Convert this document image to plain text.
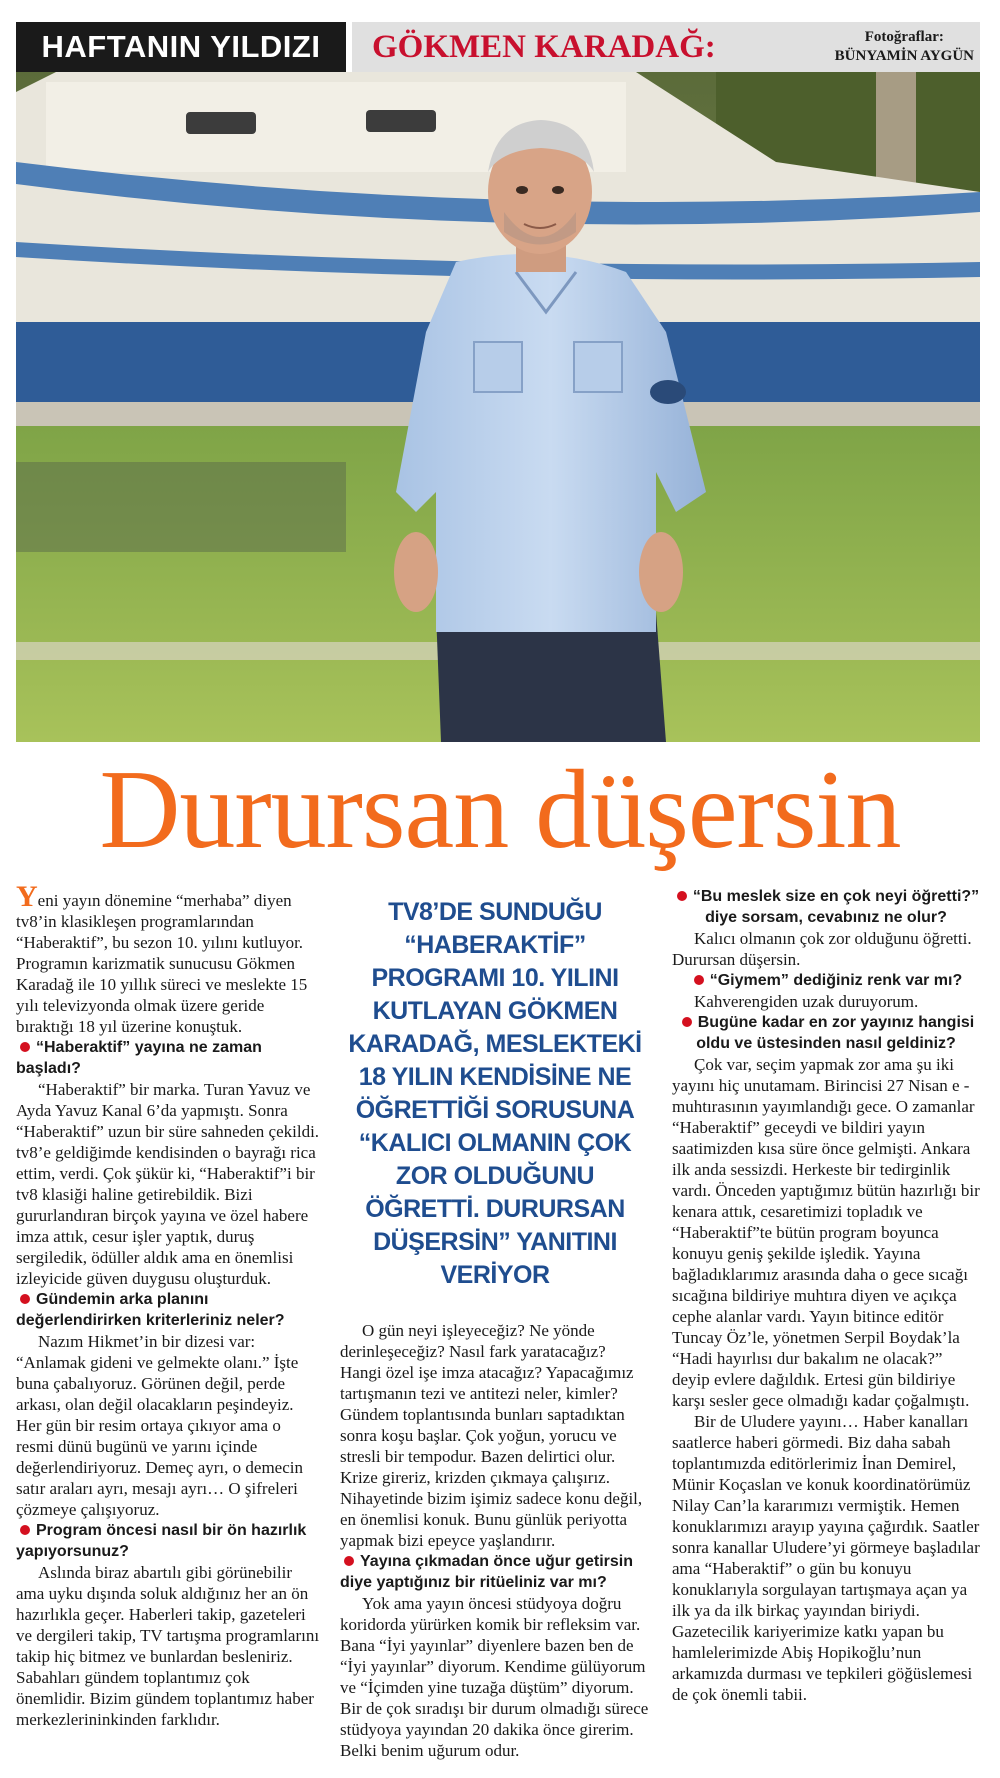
HAFTANIN YILDIZI	GÖKMEN KARADAĞ:	Fotoğraflar:
BÜNYAMİN AYGÜN
Durursan düşersin

Yeni yayın dönemine “merhaba” diyen tv8’in klasikleşen programlarından “Haberaktif”, bu sezon 10. yılını kutluyor. Programın karizmatik sunucusu Gökmen Karadağ ile 10 yıllık süreci ve meslekte 15 yılı televizyonda olmak üzere geride bıraktığı 18 yıl üzerine konuştuk.

“Haberaktif” yayına ne zaman başladı?

“Haberaktif” bir marka. Turan Yavuz ve Ayda Yavuz Kanal 6’da yapmıştı. Sonra “Haberaktif” uzun bir süre sahneden çekildi. tv8’e geldiğimde kendisinden o bayrağı rica ettim, verdi. Çok şükür ki, “Haberaktif”i bir tv8 klasiği haline getirebildik. Bizi gururlandıran birçok yayına ve özel habere imza attık, cesur işler yaptık, duruş sergiledik, ödüller aldık ama en önemlisi izleyicide güven duygusu oluşturduk.

Gündemin arka planını değerlendirirken kriterleriniz neler?

Nazım Hikmet’in bir dizesi var: “Anlamak gideni ve gelmekte olanı.” İşte buna çabalıyoruz. Görünen değil, perde arkası, olan değil olacakların peşindeyiz. Her gün bir resim ortaya çıkıyor ama o resmi dünü bugünü ve yarını içinde değerlendiriyoruz. Demeç ayrı, o demecin satır araları ayrı, mesajı ayrı… O şifreleri çözmeye çalışıyoruz.

Program öncesi nasıl bir ön hazırlık yapıyorsunuz?

Aslında biraz abartılı gibi görünebilir ama uyku dışında soluk aldığınız her an ön hazırlıkla geçer. Haberleri takip, gazeteleri ve dergileri takip, TV tartışma programlarını takip hiç bitmez ve bunlardan besleniriz. Sabahları gündem toplantımız çok önemlidir. Bizim gündem toplantımız haber merkezlerininkinden farklıdır.

TV8’DE SUNDUĞU “HABERAKTİF” PROGRAMI 10. YILINI KUTLAYAN GÖKMEN KARADAĞ, MESLEKTEKİ 18 YILIN KENDİSİNE NE ÖĞRETTİĞİ SORUSUNA “KALICI OLMANIN ÇOK ZOR OLDUĞUNU ÖĞRETTİ. DURURSAN DÜŞERSİN” YANITINI VERİYOR

O gün neyi işleyeceğiz? Ne yönde derinleşeceğiz? Nasıl fark yaratacağız? Hangi özel işe imza atacağız? Yapacağımız tartışmanın tezi ve antitezi neler, kimler? Gündem toplantısında bunları saptadıktan sonra koşu başlar. Çok yoğun, yorucu ve stresli bir tempodur. Bazen delirtici olur. Krize gireriz, krizden çıkmaya çalışırız. Nihayetinde bizim işimiz sadece konu değil, en önemlisi konuk. Bunu günlük periyotta yapmak bizi epeyce yaşlandırır.

Yayına çıkmadan önce uğur getirsin diye yaptığınız bir ritüeliniz var mı?

Yok ama yayın öncesi stüdyoya doğru koridorda yürürken komik bir refleksim var. Bana “İyi yayınlar” diyenlere bazen ben de “İyi yayınlar” diyorum. Kendime gülüyorum ve “İçimden yine tuzağa düştüm” diyorum. Bir de çok sıradışı bir durum olmadığı sürece stüdyoya yayından 20 dakika önce girerim. Belki benim uğurum odur.

“Bu meslek size en çok neyi öğretti?” diye sorsam, cevabınız ne olur?

Kalıcı olmanın çok zor olduğunu öğretti. Durursan düşersin.

“Giymem” dediğiniz renk var mı?

Kahverengiden uzak duruyorum.

Bugüne kadar en zor yayınız hangisi oldu ve üstesinden nasıl geldiniz?

Çok var, seçim yapmak zor ama şu iki yayını hiç unutamam. Birincisi 27 Nisan e - muhtırasının yayımlandığı gece. O zamanlar “Haberaktif” geceydi ve bildiri yayın saatimizden kısa süre önce gelmişti. Ankara ilk anda sessizdi. Herkeste bir tedirginlik vardı. Önceden yaptığımız bütün hazırlığı bir kenara attık, cesaretimizi topladık ve “Haberaktif”te bütün program boyunca konuyu geniş şekilde işledik. Yayına bağladıklarımız arasında daha o gece sıcağı sıcağına bildiriye muhtıra diyen ve açıkça cephe alanlar vardı. Yayın bitince editör Tuncay Öz’le, yönetmen Serpil Boydak’la “Hadi hayırlısı dur bakalım ne olacak?” deyip evlere dağıldık. Ertesi gün bildiriye karşı sesler gece olmadığı kadar çoğalmıştı.

Bir de Uludere yayını… Haber kanalları saatlerce haberi görmedi. Biz daha sabah toplantımızda editörlerimiz İnan Demirel, Münir Koçaslan ve konuk koordinatörümüz Nilay Can’la kararımızı vermiştik. Hemen konuklarımızı arayıp yayına çağırdık. Saatler sonra kanallar Uludere’yi görmeye başladılar ama “Haberaktif” o gün bu konuyu konuklarıyla sorgulayan tartışmaya açan ya ilk ya da ilk birkaç yayından biriydi. Gazetecilik kariyerimize katkı yapan bu hamlelerimizde Abiş Hopikoğlu’nun arkamızda durması ve tepkileri göğüslemesi de çok önemli tabii.
